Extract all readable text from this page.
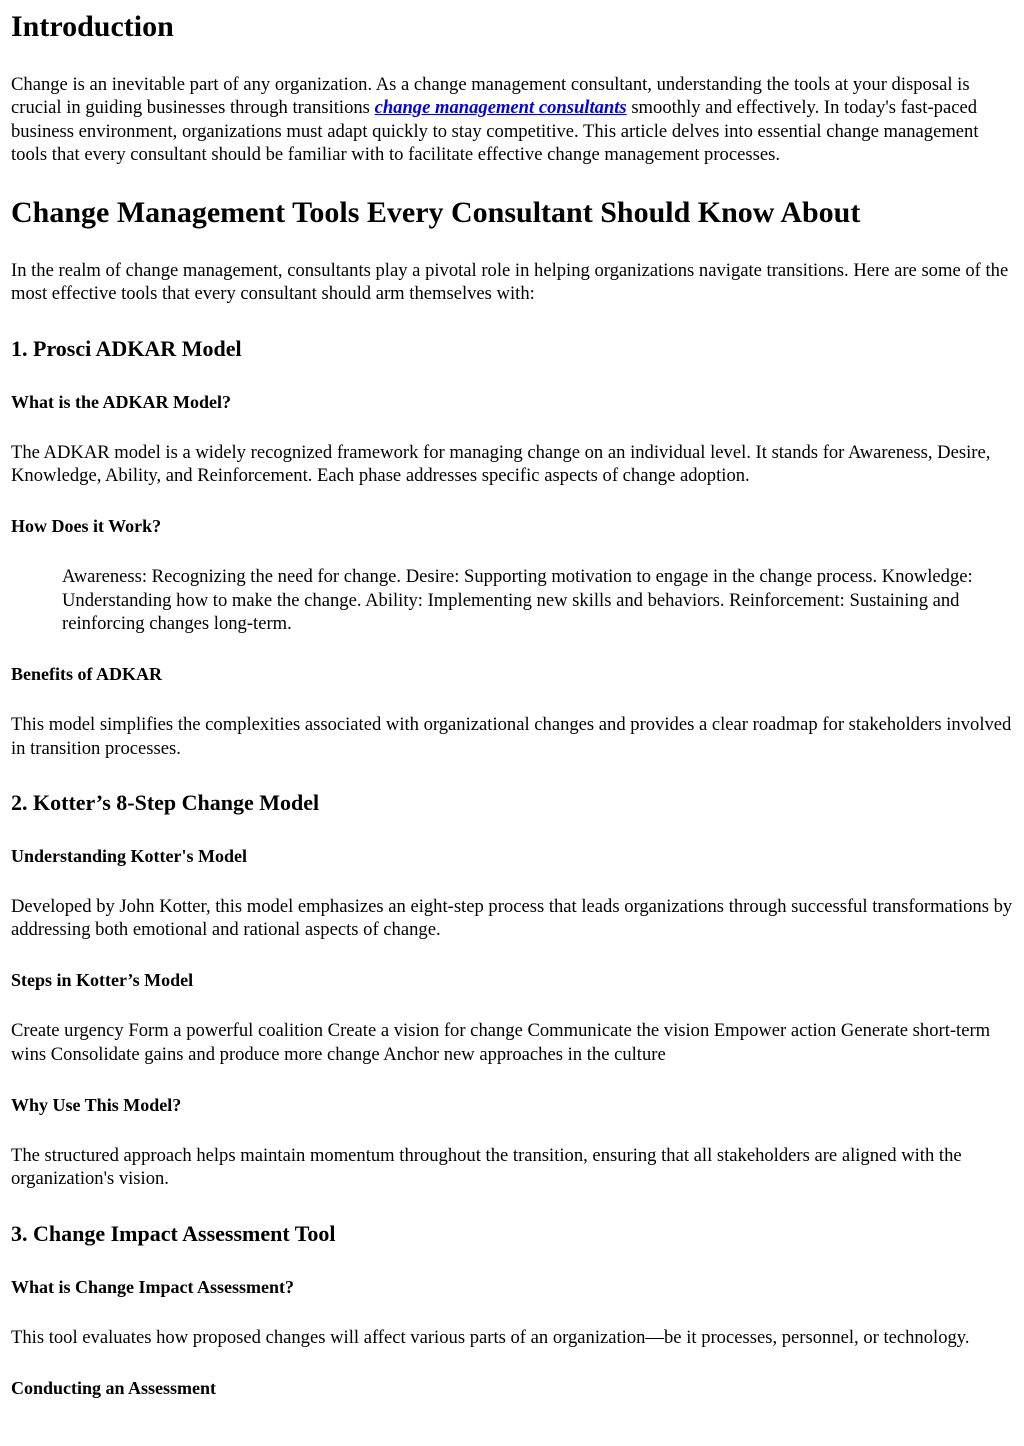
Introduction

Change is an inevitable part of any organization. As a change management consultant, understanding the tools at your disposal is crucial in guiding businesses through transitions change management consultants smoothly and effectively. In today's fast-paced business environment, organizations must adapt quickly to stay competitive. This article delves into essential change management tools that every consultant should be familiar with to facilitate effective change management processes.

Change Management Tools Every Consultant Should Know About

In the realm of change management, consultants play a pivotal role in helping organizations navigate transitions. Here are some of the most effective tools that every consultant should arm themselves with:

1. Prosci ADKAR Model
What is the ADKAR Model?

The ADKAR model is a widely recognized framework for managing change on an individual level. It stands for Awareness, Desire, Knowledge, Ability, and Reinforcement. Each phase addresses specific aspects of change adoption.

How Does it Work?

Awareness: Recognizing the need for change. Desire: Supporting motivation to engage in the change process. Knowledge: Understanding how to make the change. Ability: Implementing new skills and behaviors. Reinforcement: Sustaining and reinforcing changes long-term.

Benefits of ADKAR

This model simplifies the complexities associated with organizational changes and provides a clear roadmap for stakeholders involved in transition processes.

2. Kotter’s 8-Step Change Model
Understanding Kotter's Model

Developed by John Kotter, this model emphasizes an eight-step process that leads organizations through successful transformations by addressing both emotional and rational aspects of change.

Steps in Kotter’s Model

Create urgency Form a powerful coalition Create a vision for change Communicate the vision Empower action Generate short-term wins Consolidate gains and produce more change Anchor new approaches in the culture

Why Use This Model?

The structured approach helps maintain momentum throughout the transition, ensuring that all stakeholders are aligned with the organization's vision.

3. Change Impact Assessment Tool
What is Change Impact Assessment?

This tool evaluates how proposed changes will affect various parts of an organization—be it processes, personnel, or technology.

Conducting an Assessment
